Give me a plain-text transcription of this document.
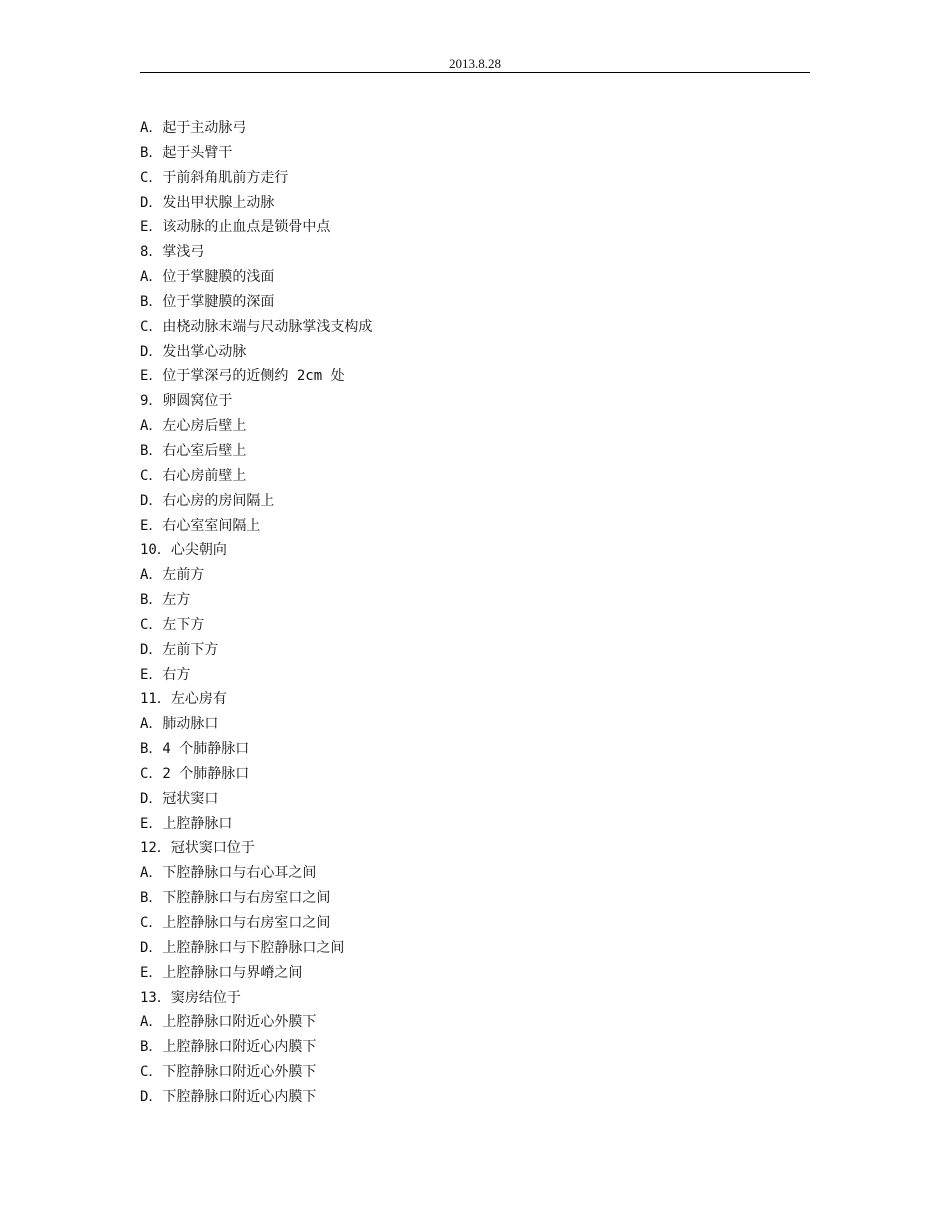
2013.8.28
A．起于主动脉弓
B．起于头臂干
C．于前斜角肌前方走行
D．发出甲状腺上动脉
E．该动脉的止血点是锁骨中点
8．掌浅弓
A．位于掌腱膜的浅面
B．位于掌腱膜的深面
C．由桡动脉末端与尺动脉掌浅支构成
D．发出掌心动脉
E．位于掌深弓的近侧约 2cm 处
9．卵圆窝位于
A．左心房后壁上
B．右心室后壁上
C．右心房前壁上
D．右心房的房间隔上
E．右心室室间隔上
10．心尖朝向
A．左前方
B．左方
C．左下方
D．左前下方
E．右方
11．左心房有
A．肺动脉口
B．4 个肺静脉口
C．2 个肺静脉口
D．冠状窦口
E．上腔静脉口
12．冠状窦口位于
A．下腔静脉口与右心耳之间
B．下腔静脉口与右房室口之间
C．上腔静脉口与右房室口之间
D．上腔静脉口与下腔静脉口之间
E．上腔静脉口与界嵴之间
13．窦房结位于
A．上腔静脉口附近心外膜下
B．上腔静脉口附近心内膜下
C．下腔静脉口附近心外膜下
D．下腔静脉口附近心内膜下
